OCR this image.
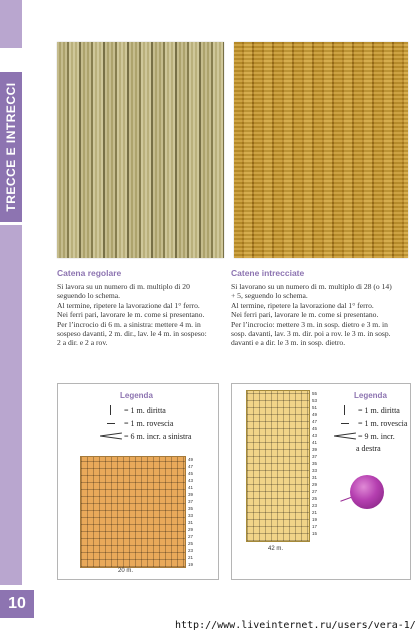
TRECCE E INTRECCI
10
Catena regolare
Si lavora su un numero di m. multiplo di 20
seguendo lo schema.
Al termine, ripetere la lavorazione dal 1° ferro.
Nei ferri pari, lavorare le m. come si presentano.
Per l’incrocio di 6 m. a sinistra: mettere 4 m. in
sospeso davanti, 2 m. dir., lav. le 4 m. in sospeso:
2 a dir. e 2 a rov.
Catene intrecciate
Si lavorano su un numero di m. multiplo di 28 (o 14)
+ 5, seguendo lo schema.
Al termine, ripetere la lavorazione dal 1° ferro.
Nei ferri pari, lavorare le m. come si presentano.
Per l’incrocio: mettere 3 m. in sosp. dietro e 3 m. in
sosp. davanti, lav. 3 m. dir. poi a rov. le 3 m. in sosp.
davanti e a dir. le 3 m. in sosp. dietro.
Legenda
= 1 m. diritta
= 1 m. rovescia
= 6 m. incr. a sinistra
49
47
45
43
41
39
37
35
33
31
29
27
25
23
21
19
20 m.
55
53
51
49
47
45
43
41
39
37
35
33
31
29
27
25
23
21
19
17
15
42 m.
Legenda
= 1 m. diritta
= 1 m. rovescia
= 9 m. incr.
a destra
http://www.liveinternet.ru/users/vera-1/
